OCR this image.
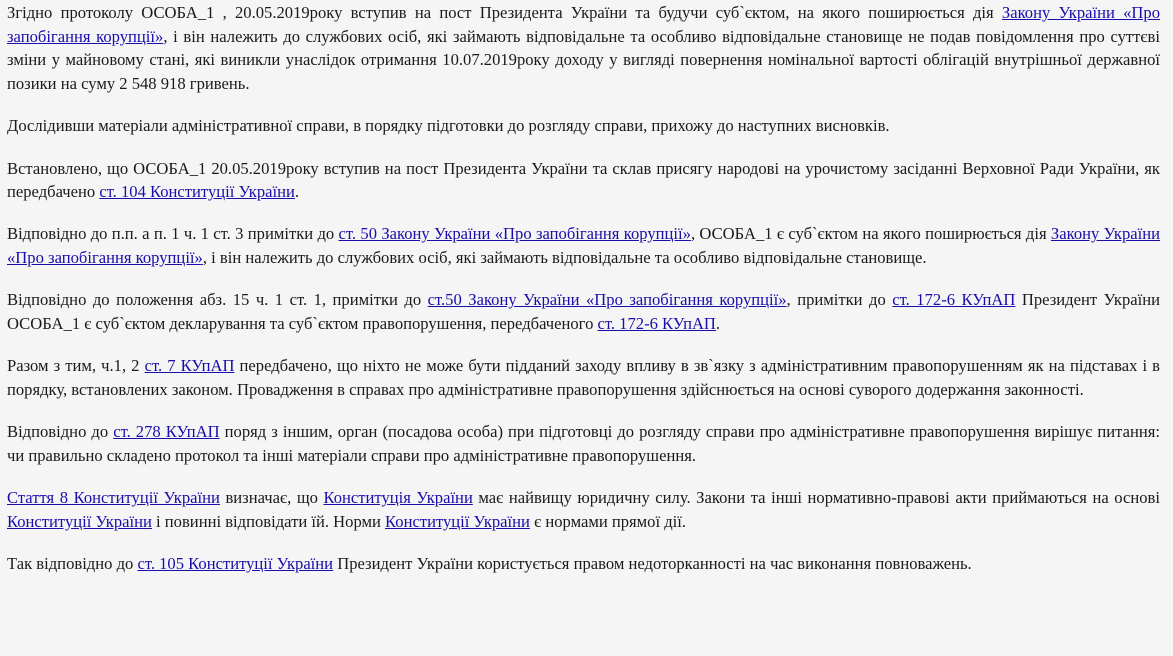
Згідно протоколу ОСОБА_1 , 20.05.2019року вступив на пост Президента України та будучи суб`єктом, на якого поширюється дія Закону України «Про запобігання корупції», і він належить до службових осіб, які займають відповідальне та особливо відповідальне становище не подав повідомлення про суттєві зміни у майновому стані, які виникли унаслідок отримання 10.07.2019року доходу у вигляді повернення номінальної вартості облігацій внутрішньої державної позики на суму 2 548 918 гривень.

Дослідивши матеріали адміністративної справи, в порядку підготовки до розгляду справи, прихожу до наступних висновків.

Встановлено, що ОСОБА_1 20.05.2019року вступив на пост Президента України та склав присягу народові на урочистому засіданні Верховної Ради України, як передбачено ст. 104 Конституції України.

Відповідно до п.п. а п. 1 ч. 1 ст. 3 примітки до ст. 50 Закону України «Про запобігання корупції», ОСОБА_1 є суб`єктом на якого поширюється дія Закону України «Про запобігання корупції», і він належить до службових осіб, які займають відповідальне та особливо відповідальне становище.

Відповідно до положення абз. 15 ч. 1 ст. 1, примітки до ст.50 Закону України «Про запобігання корупції», примітки до ст. 172-6 КУпАП Президент України ОСОБА_1 є суб`єктом декларування та суб`єктом правопорушення, передбаченого ст. 172-6 КУпАП.

Разом з тим, ч.1, 2 ст. 7 КУпАП передбачено, що ніхто не може бути підданий заходу впливу в зв`язку з адміністративним правопорушенням як на підставах і в порядку, встановлених законом. Провадження в справах про адміністративне правопорушення здійснюється на основі суворого додержання законності.

Відповідно до ст. 278 КУпАП поряд з іншим, орган (посадова особа) при підготовці до розгляду справи про адміністративне правопорушення вирішує питання: чи правильно складено протокол та інші матеріали справи про адміністративне правопорушення.

Стаття 8 Конституції України визначає, що Конституція України має найвищу юридичну силу. Закони та інші нормативно-правові акти приймаються на основі Конституції України і повинні відповідати їй. Норми Конституції України є нормами прямої дії.

Так відповідно до ст. 105 Конституції України Президент України користується правом недоторканності на час виконання повноважень.
